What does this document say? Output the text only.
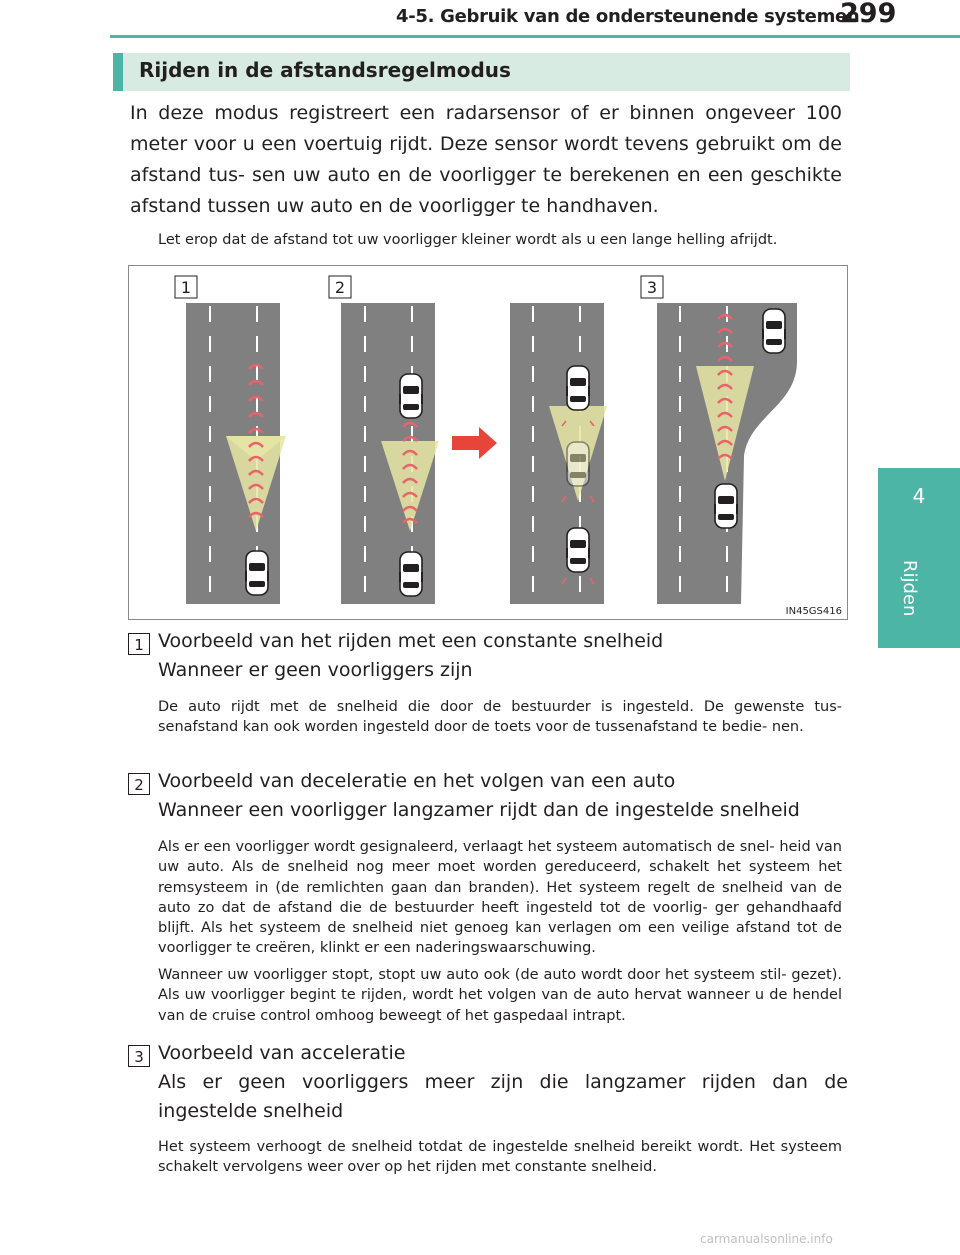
4-5. Gebruik van de ondersteunende systemen
299
4
Rijden
Rijden in de afstandsregelmodus
In deze modus registreert een radarsensor of er binnen ongeveer 100 meter voor u een voertuig rijdt. Deze sensor wordt tevens gebruikt om de afstand tus- sen uw auto en de voorligger te berekenen en een geschikte afstand tussen uw auto en de voorligger te handhaven.
Let erop dat de afstand tot uw voorligger kleiner wordt als u een lange helling afrijdt.
1	2	3
IN45GS416
1 Voorbeeld van het rijden met een constante snelheid
Wanneer er geen voorliggers zijn
De auto rijdt met de snelheid die door de bestuurder is ingesteld. De gewenste tus- senafstand kan ook worden ingesteld door de toets voor de tussenafstand te bedie- nen.
2 Voorbeeld van deceleratie en het volgen van een auto
Wanneer een voorligger langzamer rijdt dan de ingestelde snelheid
Als er een voorligger wordt gesignaleerd, verlaagt het systeem automatisch de snel- heid van uw auto. Als de snelheid nog meer moet worden gereduceerd, schakelt het systeem het remsysteem in (de remlichten gaan dan branden). Het systeem regelt de snelheid van de auto zo dat de afstand die de bestuurder heeft ingesteld tot de voorlig- ger gehandhaafd blijft. Als het systeem de snelheid niet genoeg kan verlagen om een veilige afstand tot de voorligger te creëren, klinkt er een naderingswaarschuwing.
Wanneer uw voorligger stopt, stopt uw auto ook (de auto wordt door het systeem stil- gezet). Als uw voorligger begint te rijden, wordt het volgen van de auto hervat wanneer u de hendel van de cruise control omhoog beweegt of het gaspedaal intrapt.
3 Voorbeeld van acceleratie
Als er geen voorliggers meer zijn die langzamer rijden dan de ingestelde snelheid
Het systeem verhoogt de snelheid totdat de ingestelde snelheid bereikt wordt. Het systeem schakelt vervolgens weer over op het rijden met constante snelheid.
carmanualsonline.info
